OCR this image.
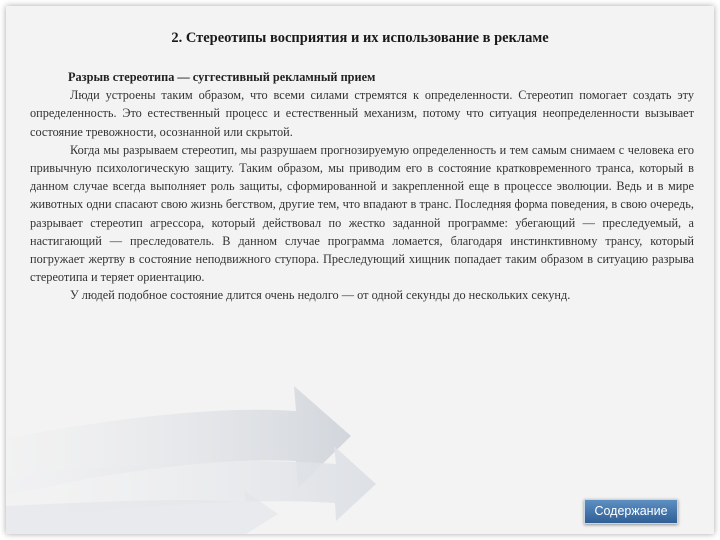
2. Стереотипы восприятия и их использование в рекламе
Разрыв стереотипа — суггестивный рекламный прием

Люди устроены таким образом, что всеми силами стремятся к определенности. Стереотип помогает создать эту определенность. Это естественный процесс и естественный механизм, потому что ситуация неопределенности вызывает состояние тревожности, осознанной или скрытой.

Когда мы разрываем стереотип, мы разрушаем прогнозируемую определенность и тем самым снимаем с человека его привычную психологическую защиту. Таким образом, мы приводим его в состояние кратковременного транса, который в данном случае всегда выполняет роль защиты, сформированной и закрепленной еще в процессе эволюции. Ведь и в мире животных одни спасают свою жизнь бегством, другие тем, что впадают в транс. Последняя форма поведения, в свою очередь, разрывает стереотип агрессора, который действовал по жестко заданной программе: убегающий — преследуемый, а настигающий — преследователь. В данном случае программа ломается, благодаря инстинктивному трансу, который погружает жертву в состояние неподвижного ступора. Преследующий хищник попадает таким образом в ситуацию разрыва стереотипа и теряет ориентацию.

У людей подобное состояние длится очень недолго — от одной секунды до нескольких секунд.

Содержание
